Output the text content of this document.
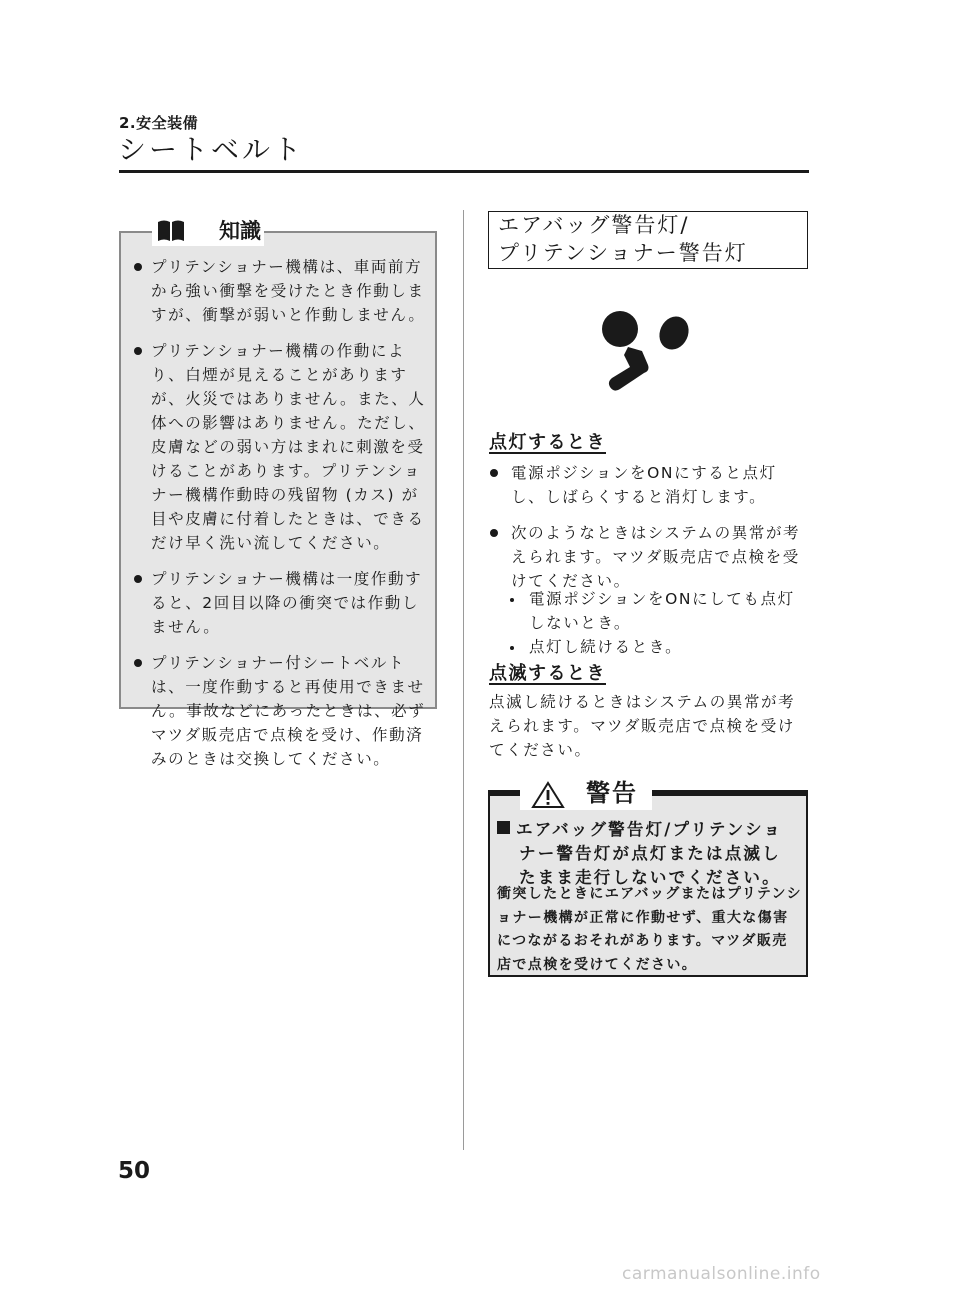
2.安全装備
シートベルト
知識
プリテンショナー機構は、車両前方から強い衝撃を受けたとき作動しますが、衝撃が弱いと作動しません。
プリテンショナー機構の作動により、白煙が見えることがありますが、火災ではありません。また、人体への影響はありません。ただし、皮膚などの弱い方はまれに刺激を受けることがあります。プリテンショナー機構作動時の残留物 (カス) が目や皮膚に付着したときは、できるだけ早く洗い流してください。
プリテンショナー機構は一度作動すると、2回目以降の衝突では作動しません。
プリテンショナー付シートベルトは、一度作動すると再使用できません。事故などにあったときは、必ずマツダ販売店で点検を受け、作動済みのときは交換してください。
エアバッグ警告灯/
プリテンショナー警告灯
点灯するとき
電源ポジションをONにすると点灯し、しばらくすると消灯します。
次のようなときはシステムの異常が考えられます。マツダ販売店で点検を受けてください。
電源ポジションをONにしても点灯しないとき。
点灯し続けるとき。
点滅するとき
点滅し続けるときはシステムの異常が考えられます。マツダ販売店で点検を受けてください。
警告
エアバッグ警告灯/プリテンショ
ナー警告灯が点灯または点滅し
たまま走行しないでください。
衝突したときにエアバッグまたはプリテンショナー機構が正常に作動せず、重大な傷害につながるおそれがあります。マツダ販売店で点検を受けてください。
50
carmanualsonline.info
